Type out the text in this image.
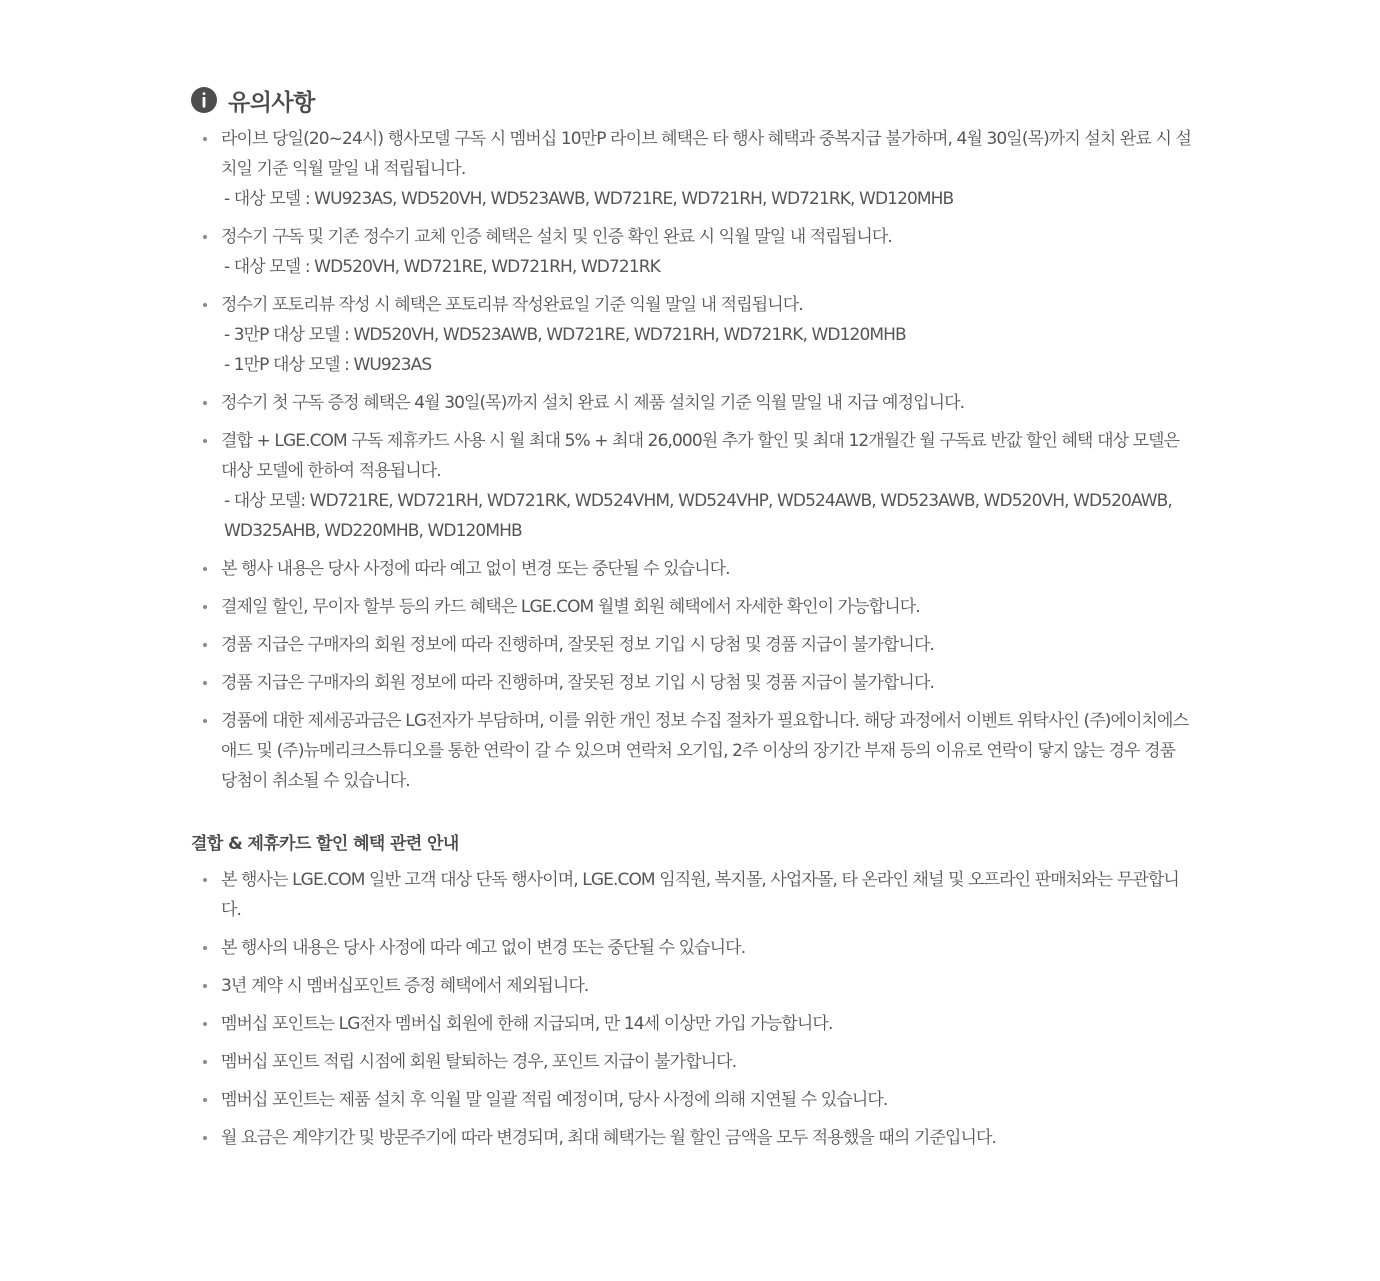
유의사항
라이브 당일(20~24시) 행사모델 구독 시 멤버십 10만P 라이브 혜택은 타 행사 혜택과 중복지급 불가하며, 4월 30일(목)까지 설치 완료 시 설치일 기준 익월 말일 내 적립됩니다.
- 대상 모델 : WU923AS, WD520VH, WD523AWB, WD721RE, WD721RH, WD721RK, WD120MHB
정수기 구독 및 기존 정수기 교체 인증 혜택은 설치 및 인증 확인 완료 시 익월 말일 내 적립됩니다.
- 대상 모델 : WD520VH, WD721RE, WD721RH, WD721RK
정수기 포토리뷰 작성 시 혜택은 포토리뷰 작성완료일 기준 익월 말일 내 적립됩니다.
- 3만P 대상 모델 : WD520VH, WD523AWB, WD721RE, WD721RH, WD721RK, WD120MHB
- 1만P 대상 모델 : WU923AS
정수기 첫 구독 증정 혜택은 4월 30일(목)까지 설치 완료 시 제품 설치일 기준 익월 말일 내 지급 예정입니다.
결합 + LGE.COM 구독 제휴카드 사용 시 월 최대 5% + 최대 26,000원 추가 할인 및 최대 12개월간 월 구독료 반값 할인 혜택 대상 모델은 대상 모델에 한하여 적용됩니다.
- 대상 모델: WD721RE, WD721RH, WD721RK, WD524VHM, WD524VHP, WD524AWB, WD523AWB, WD520VH, WD520AWB, WD325AHB, WD220MHB, WD120MHB
본 행사 내용은 당사 사정에 따라 예고 없이 변경 또는 중단될 수 있습니다.
결제일 할인, 무이자 할부 등의 카드 혜택은 LGE.COM 월별 회원 혜택에서 자세한 확인이 가능합니다.
경품 지급은 구매자의 회원 정보에 따라 진행하며, 잘못된 정보 기입 시 당첨 및 경품 지급이 불가합니다.
경품 지급은 구매자의 회원 정보에 따라 진행하며, 잘못된 정보 기입 시 당첨 및 경품 지급이 불가합니다.
경품에 대한 제세공과금은 LG전자가 부담하며, 이를 위한 개인 정보 수집 절차가 필요합니다. 해당 과정에서 이벤트 위탁사인 (주)에이치에스애드 및 (주)뉴메리크스튜디오를 통한 연락이 갈 수 있으며 연락처 오기입, 2주 이상의 장기간 부재 등의 이유로 연락이 닿지 않는 경우 경품 당첨이 취소될 수 있습니다.
결합 & 제휴카드 할인 혜택 관련 안내
본 행사는 LGE.COM 일반 고객 대상 단독 행사이며, LGE.COM 임직원, 복지몰, 사업자몰, 타 온라인 채널 및 오프라인 판매처와는 무관합니다.
본 행사의 내용은 당사 사정에 따라 예고 없이 변경 또는 중단될 수 있습니다.
3년 계약 시 멤버십포인트 증정 혜택에서 제외됩니다.
멤버십 포인트는 LG전자 멤버십 회원에 한해 지급되며, 만 14세 이상만 가입 가능합니다.
멤버십 포인트 적립 시점에 회원 탈퇴하는 경우, 포인트 지급이 불가합니다.
멤버십 포인트는 제품 설치 후 익월 말 일괄 적립 예정이며, 당사 사정에 의해 지연될 수 있습니다.
월 요금은 계약기간 및 방문주기에 따라 변경되며, 최대 혜택가는 월 할인 금액을 모두 적용했을 때의 기준입니다.
